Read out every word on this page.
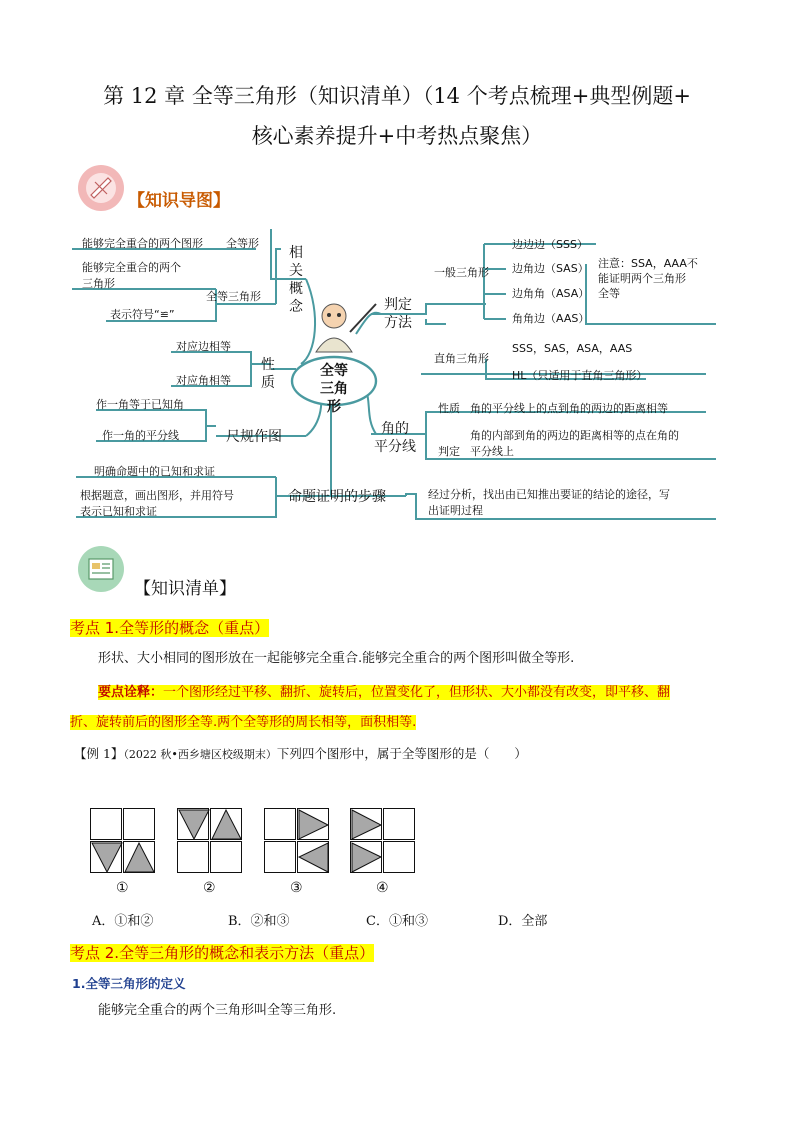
第 12 章 全等三角形（知识清单）（14 个考点梳理+典型例题+
核心素养提升+中考热点聚焦）
【知识导图】
全等
三角形
相
关
概
念
性
质
尺规作图
命题证明的步骤
能够完全重合的两个图形 全等形
能够完全重合的两个
三角形
全等三角形
表示符号“≌”
对应边相等
对应角相等
作一角等于已知角
作一角的平分线
明确命题中的已知和求证
根据题意，画出图形，并用符号
表示已知和求证
判定
方法
角的
平分线
一般三角形
边边边（SSS）
边角边（SAS）
边角角（ASA）
角角边（AAS）
注意：SSA，AAA不
能证明两个三角形
全等
直角三角形
SSS，SAS，ASA，AAS
HL（只适用于直角三角形）
性质 角的平分线上的点到角的两边的距离相等
角的内部到角的两边的距离相等的点在角的
判定 平分线上
经过分析，找出由已知推出要证的结论的途径，写
出证明过程
【知识清单】
考点 1.全等形的概念（重点）
形状、大小相同的图形放在一起能够完全重合.能够完全重合的两个图形叫做全等形.
要点诠释：一个图形经过平移、翻折、旋转后，位置变化了，但形状、大小都没有改变，即平移、翻
折、旋转前后的图形全等.两个全等形的周长相等，面积相等.
【例 1】（2022 秋•西乡塘区校级期末）下列四个图形中，属于全等图形的是（　　）
①	②	③	④
A．①和②	B．②和③	C．①和③	D．全部
考点 2.全等三角形的概念和表示方法（重点）
1.全等三角形的定义
能够完全重合的两个三角形叫全等三角形.
